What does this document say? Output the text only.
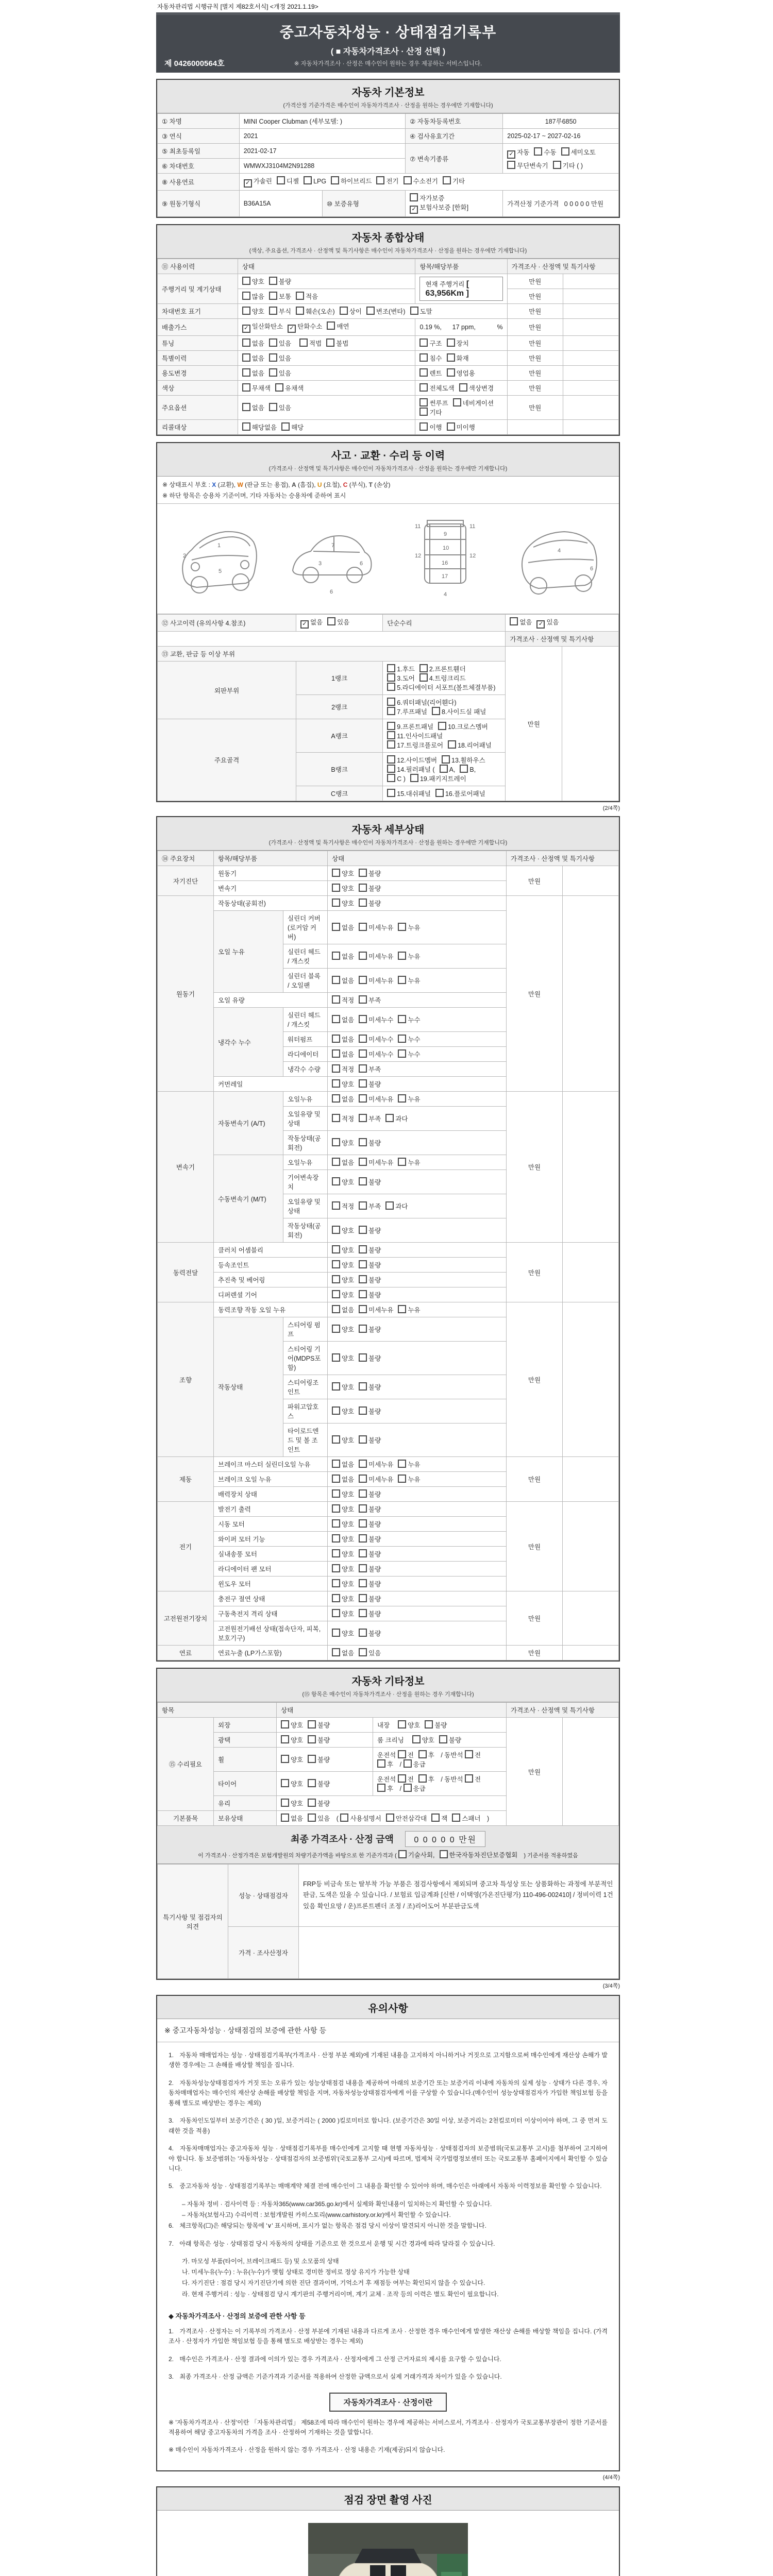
자동차관리법 시행규칙 [별지 제82호서식] <개정 2021.1.19>
중고자동차성능 · 상태점검기록부
( ■ 자동차가격조사 · 산정 선택 )
※ 자동차가격조사 · 산정은 매수인이 원하는 경우 제공하는 서비스입니다.
제 0426000564호
자동차 기본정보
(가격산정 기준가격은 매수인이 자동차가격조사 · 산정을 원하는 경우에만 기재합니다)
① 차명	MINI Cooper Clubman (세부모델: )		② 자동차등록번호	187루6850
③ 연식	2021		④ 검사유효기간	2025-02-17 ~ 2027-02-16
⑤ 최초등록일	2021-02-17		⑦ 변속기종류	✓ 자동 수동 세미오토
무단변속기 기타 ( )

⑥ 차대번호	WMWXJ3104M2N91288			
⑧ 사용연료	✓ 가솔린 디젤 LPG 하이브리드 전기 수소전기 기타			
⑨ 원동기형식	B36A15A	⑩ 보증유형	자가보증✓ 보험사보증 [한화]	가격산정 기준가격 0 0 0 0 0 만원
자동차 종합상태
(색상, 주요옵션, 가격조사 · 산정액 및 특기사항은 매수인이 자동차가격조사 · 산정을 원하는 경우에만 기재합니다)
⑪ 사용이력	상태	항목/해당부품	가격조사 · 산정액 및 특기사항	
주행거리 및 계기상태	양호 불량	현재 주행거리 [ 63,956Km ]	만원	
	많음 보통 적음		만원	
차대번호 표기	양호 부식 훼손(오손) 상이 변조(변타) 도말		만원	
배출가스	✓ 일산화탄소 ✓ 탄화수소 매연	0.19 %,      17 ppm,            %	만원	
튜닝	없음 있음 적법 불법	구조 장치	만원	
특별이력	없음 있음	침수 화재	만원	
용도변경	없음 있음	렌트 영업용	만원	
색상	무채색 유채색	전체도색 색상변경	만원	
주요옵션	없음 있음	썬루프 네비게이션기타	만원	
리콜대상	해당없음 해당	이행 미이행		
사고 · 교환 · 수리 등 이력
(가격조사 · 산정액 및 특기사항은 매수인이 자동차가격조사 · 산정을 원하는 경우에만 기재합니다)
※ 상태표시 부호 : X (교환), W (판금 또는 용접), A (흠집), U (요철), C (부식), T (손상)
※ 하단 항목은 승용차 기준이며, 기타 자동차는 승용차에 준하여 표시
1
2
5
7
3	6
6
11	11
9
10
12	12
16
17
4
4
6
⑫ 사고이력 (유의사항 4.참조)	✓ 없음 있음	단순수리	없음 ✓ 있음	
			가격조사 · 산정액 및 특기사항	
⑬ 교환, 판금 등 이상 부위			만원	
외판부위	1랭크	1.후드 2.프론트휀더3.도어 4.트렁크리드5.라디에이터 서포트(볼트체결부품)		
	2랭크	6.쿼터패널(리어휀다)7.루프패널 8.사이드실 패널		
주요골격	A랭크	9.프론트패널 10.크로스멤버11.인사이드패널17.트렁크플로어 18.리어패널		
	B랭크	12.사이드멤버 13.휠하우스14.필러패널 (A,B,C ) 19.패키지트레이		
	C랭크	15.대쉬패널 16.플로어패널		
(2/4쪽)
자동차 세부상태
(가격조사 · 산정액 및 특기사항은 매수인이 자동차가격조사 · 산정을 원하는 경우에만 기재합니다)
⑭ 주요장치	항목/해당부품		상태	가격조사 · 산정액 및 특기사항	
자기진단	원동기		양호 불량	만원	
	변속기		양호 불량		
원동기	작동상태(공회전)		양호 불량	만원	
	오일 누유	실린더 커버(로커암 커버)	없음 미세누유 누유		
		실린더 헤드 / 개스킷	없음 미세누유 누유		
		실린더 블록 / 오일팬	없음 미세누유 누유		
	오일 유량		적정 부족		
	냉각수 누수	실린더 헤드 / 개스킷	없음 미세누수 누수		
		워터펌프	없음 미세누수 누수		
		라디에이터	없음 미세누수 누수		
		냉각수 수량	적정 부족		
	커먼레일		양호 불량		
변속기	자동변속기 (A/T)	오일누유	없음 미세누유 누유	만원	
		오일유량 및 상태	적정 부족 과다		
		작동상태(공회전)	양호 불량		
	수동변속기 (M/T)	오일누유	없음 미세누유 누유		
		기어변속장치	양호 불량		
		오일유량 및 상태	적정 부족 과다		
		작동상태(공회전)	양호 불량		
동력전달	클러치 어셈블리		양호 불량	만원	
	등속조인트		양호 불량		
	추진축 및 베어링		양호 불량		
	디퍼렌셜 기어		양호 불량		
조향	동력조향 작동 오일 누유		없음 미세누유 누유	만원	
	작동상태	스티어링 펌프	양호 불량		
		스티어링 기어(MDPS포함)	양호 불량		
		스티어링조인트	양호 불량		
		파워고압호스	양호 불량		
		타이로드엔드 및 볼 조인트	양호 불량		
제동	브레이크 마스터 실린더오일 누유		없음 미세누유 누유	만원	
	브레이크 오일 누유		없음 미세누유 누유		
	배력장치 상태		양호 불량		
전기	발전기 출력		양호 불량	만원	
	시동 모터		양호 불량		
	와이퍼 모터 기능		양호 불량		
	실내송풍 모터		양호 불량		
	라디에이터 팬 모터		양호 불량		
	윈도우 모터		양호 불량		
고전원전기장치	충전구 절연 상태		양호 불량	만원	
	구동축전지 격리 상태		양호 불량		
	고전원전기배선 상태(접속단자, 피복, 보호기구)		양호 불량		
연료	연료누출 (LP가스포함)		없음 있음	만원	
자동차 기타정보
(⑮ 항목은 매수인이 자동차가격조사 · 산정을 원하는 경우 기재합니다)
항목		상태		가격조사 · 산정액 및 특기사항	
⑮ 수리필요	외장	양호 불량	내장 양호 불량	만원	
	광택	양호 불량	룸 크리닝 양호 불량		
	휠	양호 불량	운전석 전 후 / 동반석 전후 / 응급		
	타이어	양호 불량	운전석 전 후 / 동반석 전후 / 응급		
	유리	양호 불량			
기본품목	보유상태	없음 있음 ( 사용설명서 안전삼각대 잭 스패너 )			
최종 가격조사 · 산정 금액 0 0 0 0 0 만원
이 가격조사 · 산정가격은 보험개발원의 차량기준가액을 바탕으로 한 기준가격과 ( 기술사회, 한국자동차진단보증협회 ) 기준서를 적용하였음
특기사항 및 점검자의 의견	성능 · 상태점검자	FRP등 비금속 또는 탈부착 가능 부품은 점검사항에서 제외되며 중고차 특성상 또는 상품화하는 과정에 부분적인 판금, 도색은 있을 수 있습니다. / 보험료 입금계좌 [신한 / 이택영(가온진단평가) 110-496-002410] / 정비이력 1건 있음 확인요망 / 운)프론트펜더 조정 / 조)리어도어 부분판금도색
	가격 · 조사산정자	
(3/4쪽)
유의사항
※ 중고자동차성능 · 상태점검의 보증에 관한 사항 등

1. 자동차 매매업자는 성능 · 상태점검기록부(가격조사 · 산정 부분 제외)에 기재된 내용을 고지하지 아니하거나 거짓으로 고지함으로써 매수인에게 재산상 손해가 발생한 경우에는 그 손해를 배상할 책임을 집니다.

2. 자동차성능상태점검자가 거짓 또는 오류가 있는 성능상태점검 내용을 제공하여 아래의 보증기간 또는 보증거리 이내에 자동차의 실제 성능 · 상태가 다른 경우, 자동차매매업자는 매수인의 재산상 손해를 배상할 책임을 지며, 자동차성능상태점검자에게 이를 구상할 수 있습니다.(매수인이 성능상태점검자가 가입한 책임보험 등을 통해 별도로 배상받는 경우는 제외)

3. 자동차인도일부터 보증기간은 ( 30 )일, 보증거리는 ( 2000 )킬로미터로 합니다. (보증기간은 30일 이상, 보증거리는 2천킬로미터 이상이어야 하며, 그 중 먼저 도래한 것을 적용)

4. 자동차매매업자는 중고자동차 성능 · 상태점검기록부를 매수인에게 고지할 때 현행 자동차성능 · 상태점검자의 보증범위(국토교통부 고시)를 첨부하여 고지하여야 합니다. 동 보증범위는 '자동차성능 · 상태점검자의 보증범위'(국토교통부 고시)에 따르며, 법제처 국가법령정보센터 또는 국토교통부 홈페이지에서 확인할 수 있습니다.

5. 중고자동차 성능 · 상태점검기록부는 매매계약 체결 전에 매수인이 그 내용을 확인할 수 있어야 하며, 매수인은 아래에서 자동차 이력정보를 확인할 수 있습니다.

– 자동차 정비 · 검사이력 등 : 자동차365(www.car365.go.kr)에서 실제와 확인내용이 일치하는지 확인할 수 있습니다.
– 자동차(보험사고) 수리이력 : 보험개발원 카히스토리(www.carhistory.or.kr)에서 확인할 수 있습니다.

6. 체크항목(☐)은 해당되는 항목에 '∨' 표시하며, 표시가 없는 항목은 점검 당시 이상이 발견되지 아니한 것을 말합니다.

7. 아래 항목은 성능 · 상태점검 당시 자동차의 상태를 기준으로 한 것으로서 운행 및 시간 경과에 따라 달라질 수 있습니다.

가. 마모성 부품(타이어, 브레이크패드 등) 및 소모품의 상태
나. 미세누유(누수) : 누유(누수)가 맺힘 상태로 경미한 정비로 정상 유지가 가능한 상태
다. 자기진단 : 점검 당시 자기진단기에 의한 진단 결과이며, 기억소거 후 재점등 여부는 확인되지 않을 수 있습니다.
라. 현재 주행거리 : 성능 · 상태점검 당시 계기판의 주행거리이며, 계기 교체 · 조작 등의 이력은 별도 확인이 필요합니다.
◆ 자동차가격조사 · 산정의 보증에 관한 사항 등

1. 가격조사 · 산정자는 이 기록부의 가격조사 · 산정 부분에 기재된 내용과 다르게 조사 · 산정한 경우 매수인에게 발생한 재산상 손해를 배상할 책임을 집니다. (가격조사 · 산정자가 가입한 책임보험 등을 통해 별도로 배상받는 경우는 제외)

2. 매수인은 가격조사 · 산정 결과에 이의가 있는 경우 가격조사 · 산정자에게 그 산정 근거자료의 제시를 요구할 수 있습니다.

3. 최종 가격조사 · 산정 금액은 기준가격과 기준서를 적용하여 산정한 금액으로서 실제 거래가격과 차이가 있을 수 있습니다.

자동차가격조사 · 산정이란

※ '자동차가격조사 · 산정'이란 「자동차관리법」 제58조에 따라 매수인이 원하는 경우에 제공하는 서비스로서, 가격조사 · 산정자가 국토교통부장관이 정한 기준서를 적용하여 해당 중고자동차의 가격을 조사 · 산정하여 기재하는 것을 말합니다.

※ 매수인이 자동차가격조사 · 산정을 원하지 않는 경우 가격조사 · 산정 내용은 기재(제공)되지 않습니다.

(4/4쪽)
점검 장면 촬영 사진
